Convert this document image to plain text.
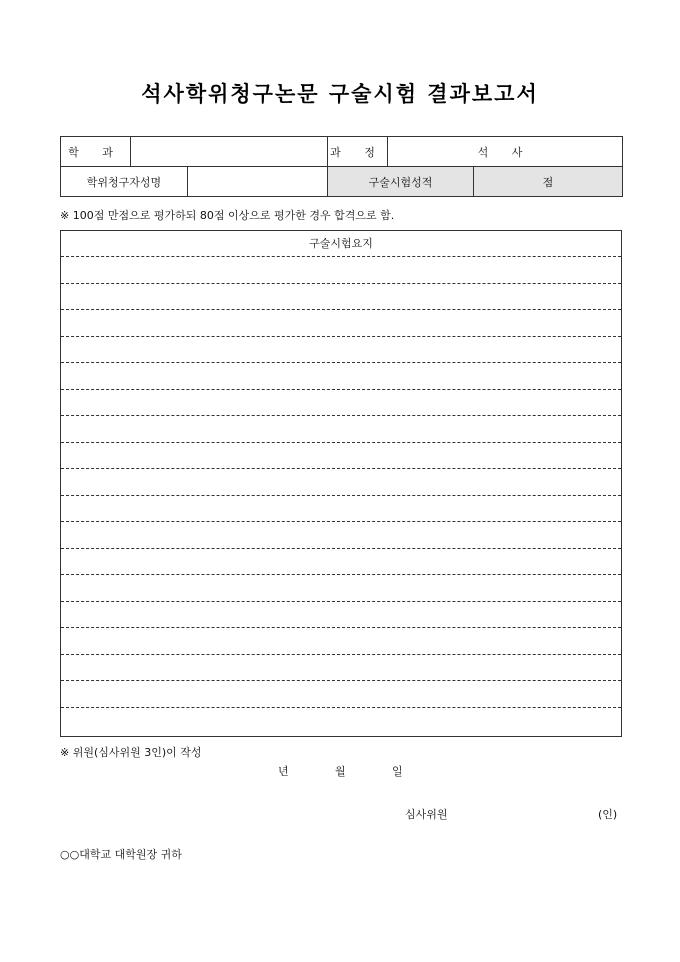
석사학위청구논문 구술시험 결과보고서
학 과			과 정	석 사	
학위청구자성명			구술시험성적		점
※ 100점 만점으로 평가하되 80점 이상으로 평가한 경우 합격으로 함.
구술시험요지
※ 위원(심사위원 3인)이 작성
년	월	일
심사위원	(인)
○○대학교 대학원장 귀하
